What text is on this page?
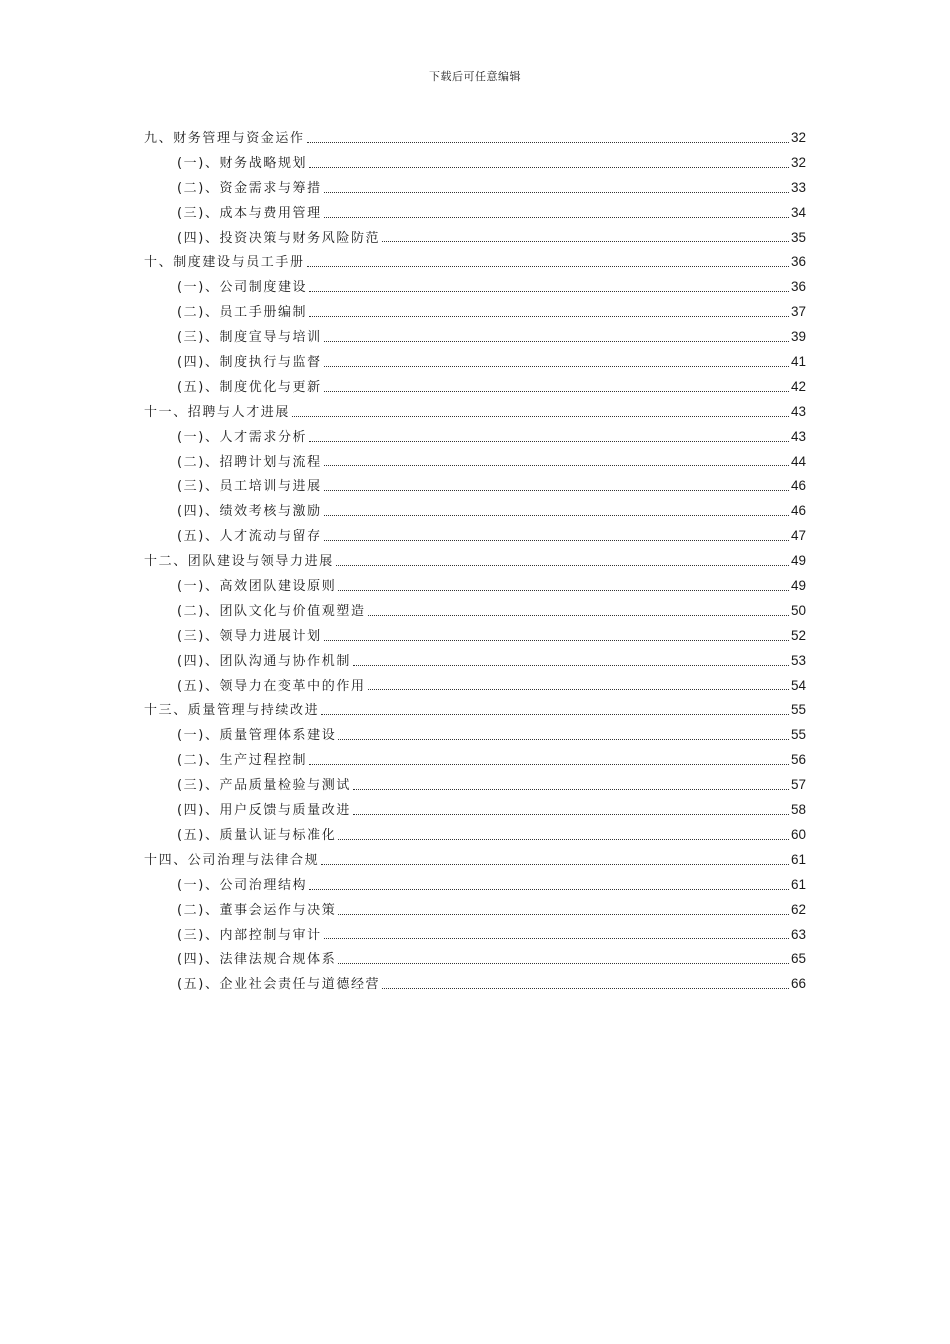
下载后可任意编辑
九、财务管理与资金运作	32
(一)、财务战略规划	32
(二)、资金需求与筹措	33
(三)、成本与费用管理	34
(四)、投资决策与财务风险防范	35
十、制度建设与员工手册	36
(一)、公司制度建设	36
(二)、员工手册编制	37
(三)、制度宣导与培训	39
(四)、制度执行与监督	41
(五)、制度优化与更新	42
十一、招聘与人才进展	43
(一)、人才需求分析	43
(二)、招聘计划与流程	44
(三)、员工培训与进展	46
(四)、绩效考核与激励	46
(五)、人才流动与留存	47
十二、团队建设与领导力进展	49
(一)、高效团队建设原则	49
(二)、团队文化与价值观塑造	50
(三)、领导力进展计划	52
(四)、团队沟通与协作机制	53
(五)、领导力在变革中的作用	54
十三、质量管理与持续改进	55
(一)、质量管理体系建设	55
(二)、生产过程控制	56
(三)、产品质量检验与测试	57
(四)、用户反馈与质量改进	58
(五)、质量认证与标准化	60
十四、公司治理与法律合规	61
(一)、公司治理结构	61
(二)、董事会运作与决策	62
(三)、内部控制与审计	63
(四)、法律法规合规体系	65
(五)、企业社会责任与道德经营	66
